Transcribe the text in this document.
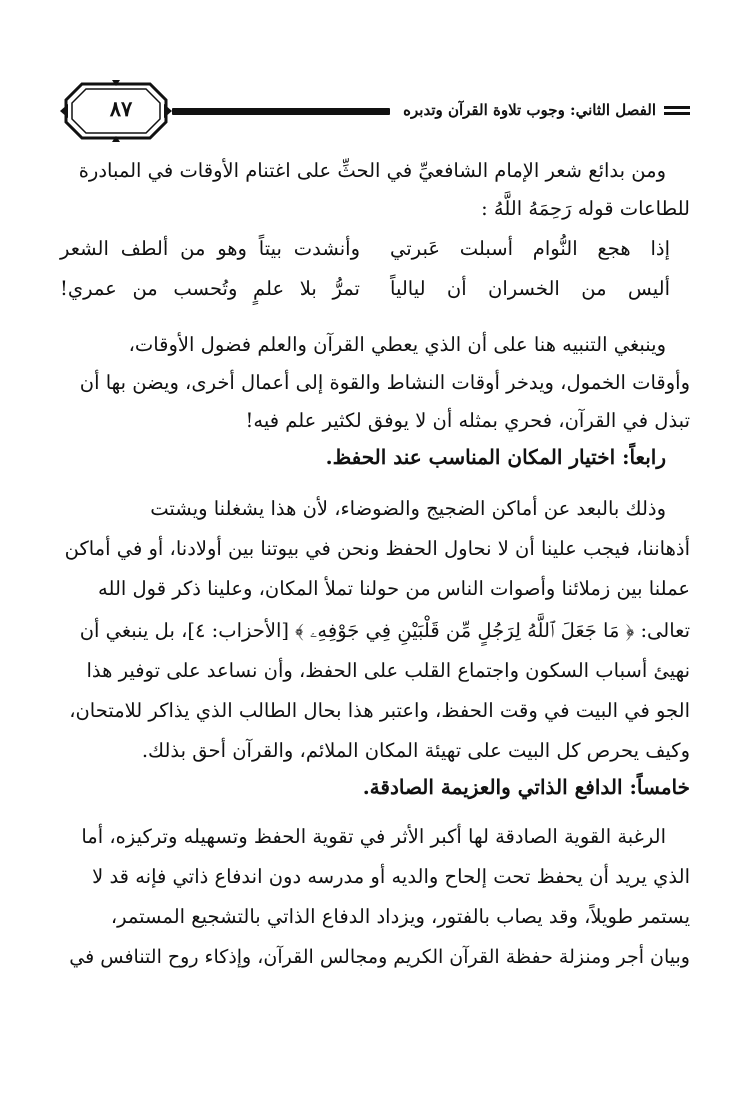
٨٧	الفصل الثاني: وجوب تلاوة القرآن وتدبره
ومن بدائع شعر الإمام الشافعيِّ في الحثِّ على اغتنام الأوقات في المبادرة
للطاعات قوله رَحِمَهُ اللَّهُ :
إذا هجع النُّوام أسبلت عَبرتي
وأنشدت بيتاً وهو من ألطف الشعر
أليس من الخسران أن ليالياً
تمرُّ بلا علمٍ وتُحسب من عمري!
وينبغي التنبيه هنا على أن الذي يعطي القرآن والعلم فضول الأوقات،
وأوقات الخمول، ويدخر أوقات النشاط والقوة إلى أعمال أخرى، ويضن بها أن
تبذل في القرآن، فحري بمثله أن لا يوفق لكثير علم فيه!
رابعاً: اختيار المكان المناسب عند الحفظ.
وذلك بالبعد عن أماكن الضجيج والضوضاء، لأن هذا يشغلنا ويشتت
أذهاننا، فيجب علينا أن لا نحاول الحفظ ونحن في بيوتنا بين أولادنا، أو في أماكن
عملنا بين زملائنا وأصوات الناس من حولنا تملأ المكان، وعلينا ذكر قول الله
تعالى: ﴿ مَا جَعَلَ ٱللَّهُ لِرَجُلٍ مِّن قَلْبَيْنِ فِي جَوْفِهِۦ ﴾ [الأحزاب: ٤]، بل ينبغي أن
نهيئ أسباب السكون واجتماع القلب على الحفظ، وأن نساعد على توفير هذا
الجو في البيت في وقت الحفظ، واعتبر هذا بحال الطالب الذي يذاكر للامتحان،
وكيف يحرص كل البيت على تهيئة المكان الملائم، والقرآن أحق بذلك.
خامساً: الدافع الذاتي والعزيمة الصادقة.
الرغبة القوية الصادقة لها أكبر الأثر في تقوية الحفظ وتسهيله وتركيزه، أما
الذي يريد أن يحفظ تحت إلحاح والديه أو مدرسه دون اندفاع ذاتي فإنه قد لا
يستمر طويلاً، وقد يصاب بالفتور، ويزداد الدفاع الذاتي بالتشجيع المستمر،
وبيان أجر ومنزلة حفظة القرآن الكريم ومجالس القرآن، وإذكاء روح التنافس في
